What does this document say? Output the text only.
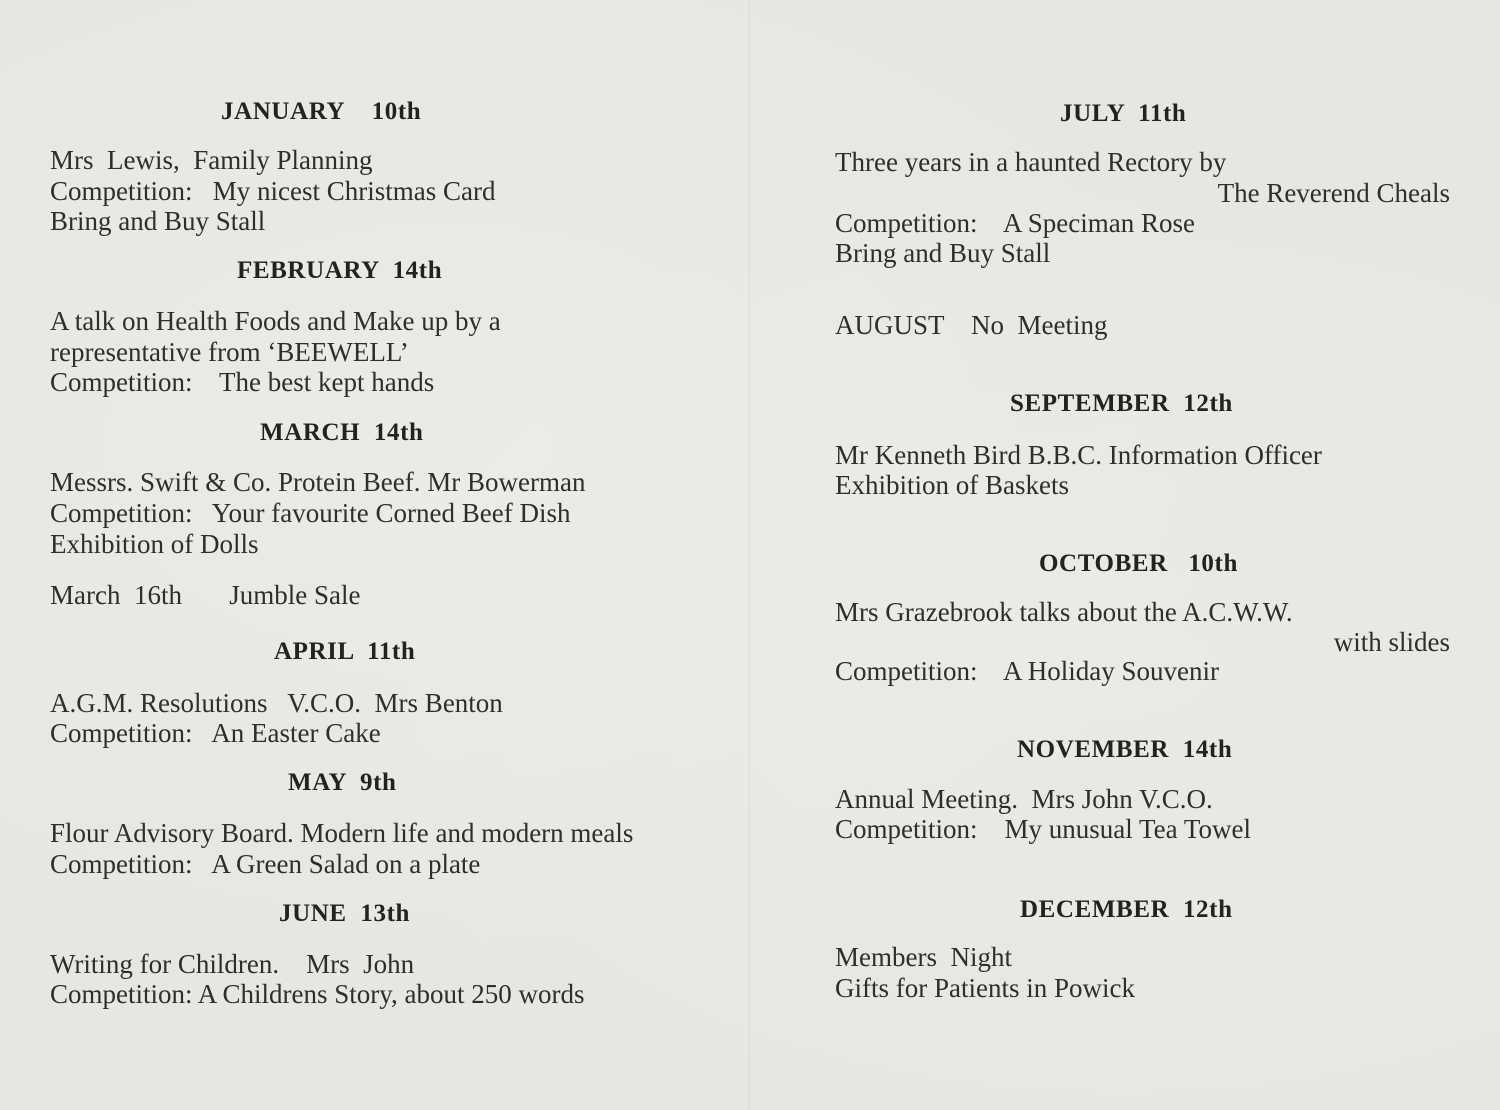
JANUARY    10th
Mrs  Lewis,  Family Planning
Competition:   My nicest Christmas Card
Bring and Buy Stall
FEBRUARY  14th
A talk on Health Foods and Make up by a
representative from ‘BEEWELL’
Competition:    The best kept hands
MARCH  14th
Messrs. Swift & Co. Protein Beef. Mr Bowerman
Competition:   Your favourite Corned Beef Dish
Exhibition of Dolls
March  16th       Jumble Sale
APRIL  11th
A.G.M. Resolutions   V.C.O.  Mrs Benton
Competition:   An Easter Cake
MAY  9th
Flour Advisory Board. Modern life and modern meals
Competition:   A Green Salad on a plate
JUNE  13th
Writing for Children.    Mrs  John
Competition: A Childrens Story, about 250 words
JULY  11th
Three years in a haunted Rectory by
The Reverend Cheals
Competition:    A Speciman Rose
Bring and Buy Stall
AUGUST    No  Meeting
SEPTEMBER  12th
Mr Kenneth Bird B.B.C. Information Officer
Exhibition of Baskets
OCTOBER   10th
Mrs Grazebrook talks about the A.C.W.W.
with slides
Competition:    A Holiday Souvenir
NOVEMBER  14th
Annual Meeting.  Mrs John V.C.O.
Competition:    My unusual Tea Towel
DECEMBER  12th
Members  Night
Gifts for Patients in Powick
